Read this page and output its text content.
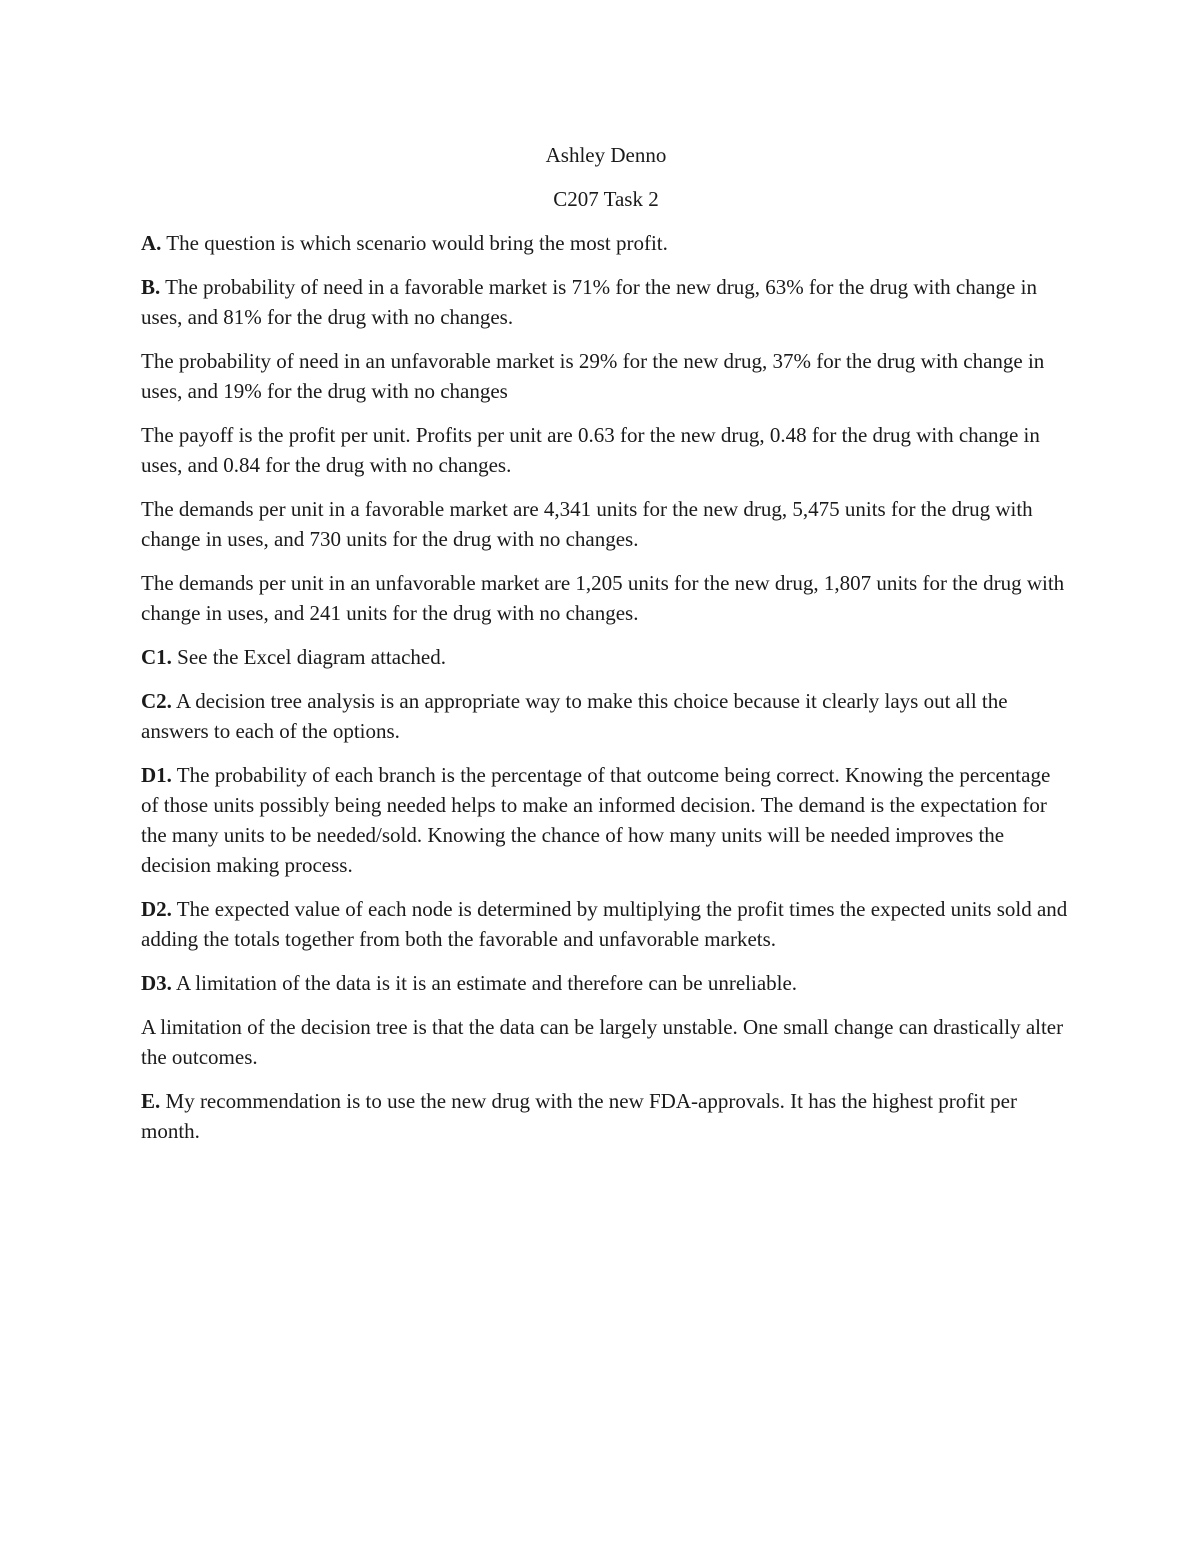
Ashley Denno

C207 Task 2

A. The question is which scenario would bring the most profit.

B. The probability of need in a favorable market is 71% for the new drug, 63% for the drug with change in uses, and 81% for the drug with no changes.

The probability of need in an unfavorable market is 29% for the new drug, 37% for the drug with change in uses, and 19% for the drug with no changes

The payoff is the profit per unit. Profits per unit are 0.63 for the new drug, 0.48 for the drug with change in uses, and 0.84 for the drug with no changes.

The demands per unit in a favorable market are 4,341 units for the new drug, 5,475 units for the drug with change in uses, and 730 units for the drug with no changes.

The demands per unit in an unfavorable market are 1,205 units for the new drug, 1,807 units for the drug with change in uses, and 241 units for the drug with no changes.

C1. See the Excel diagram attached.

C2. A decision tree analysis is an appropriate way to make this choice because it clearly lays out all the answers to each of the options.

D1. The probability of each branch is the percentage of that outcome being correct. Knowing the percentage of those units possibly being needed helps to make an informed decision. The demand is the expectation for the many units to be needed/sold. Knowing the chance of how many units will be needed improves the decision making process.

D2. The expected value of each node is determined by multiplying the profit times the expected units sold and adding the totals together from both the favorable and unfavorable markets.

D3. A limitation of the data is it is an estimate and therefore can be unreliable.

A limitation of the decision tree is that the data can be largely unstable. One small change can drastically alter the outcomes.

E. My recommendation is to use the new drug with the new FDA-approvals. It has the highest profit per month.
